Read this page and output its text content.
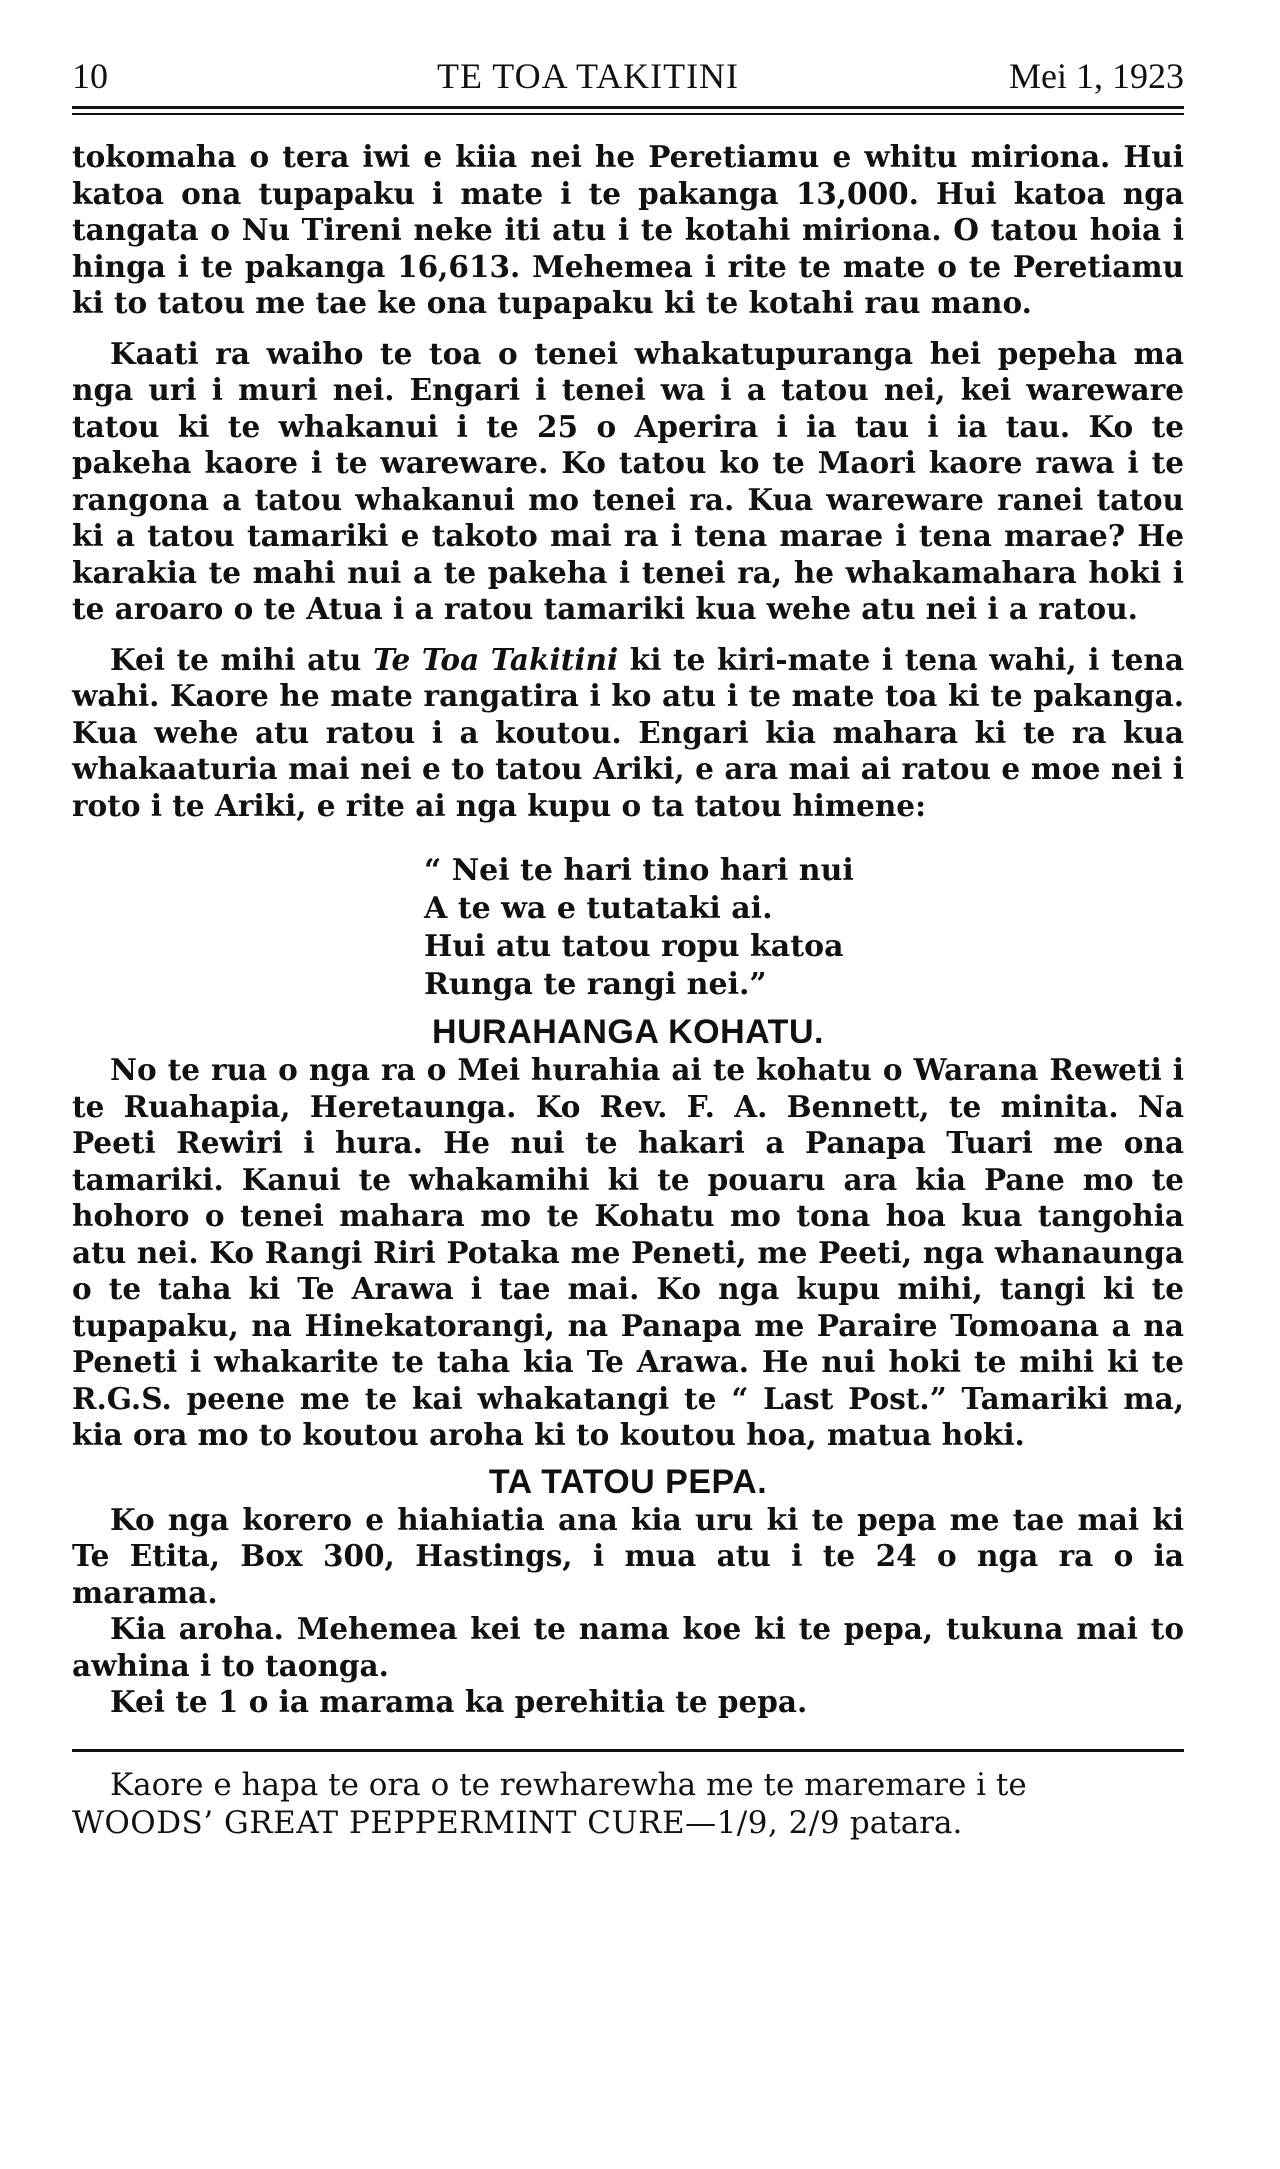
10	TE TOA TAKITINI	Mei 1, 1923

tokomaha o tera iwi e kiia nei he Peretiamu e whitu miriona. Hui katoa ona tupapaku i mate i te pakanga 13,000. Hui katoa nga tangata o Nu Tireni neke iti atu i te kotahi miriona. O tatou hoia i hinga i te pakanga 16,613. Mehemea i rite te mate o te Peretiamu ki to tatou me tae ke ona tupapaku ki te kotahi rau mano.

Kaati ra waiho te toa o tenei whakatupuranga hei pepeha ma nga uri i muri nei. Engari i tenei wa i a tatou nei, kei wareware tatou ki te whakanui i te 25 o Aperira i ia tau i ia tau. Ko te pakeha kaore i te wareware. Ko tatou ko te Maori kaore rawa i te rangona a tatou whakanui mo tenei ra. Kua wareware ranei tatou ki a tatou tamariki e takoto mai ra i tena marae i tena marae? He karakia te mahi nui a te pakeha i tenei ra, he whakamahara hoki i te aroaro o te Atua i a ratou tamariki kua wehe atu nei i a ratou.

Kei te mihi atu Te Toa Takitini ki te kiri-mate i tena wahi, i tena wahi. Kaore he mate rangatira i ko atu i te mate toa ki te pakanga. Kua wehe atu ratou i a koutou. Engari kia mahara ki te ra kua whakaaturia mai nei e to tatou Ariki, e ara mai ai ratou e moe nei i roto i te Ariki, e rite ai nga kupu o ta tatou himene:

“ Nei te hari tino hari nui
A te wa e tutataki ai.
Hui atu tatou ropu katoa
Runga te rangi nei.”
HURAHANGA KOHATU.

No te rua o nga ra o Mei hurahia ai te kohatu o Warana Reweti i te Ruahapia, Heretaunga. Ko Rev. F. A. Bennett, te minita. Na Peeti Rewiri i hura. He nui te hakari a Panapa Tuari me ona tamariki. Kanui te whakamihi ki te pouaru ara kia Pane mo te hohoro o tenei mahara mo te Kohatu mo tona hoa kua tangohia atu nei. Ko Rangi Riri Potaka me Peneti, me Peeti, nga whanaunga o te taha ki Te Arawa i tae mai. Ko nga kupu mihi, tangi ki te tupapaku, na Hinekatorangi, na Panapa me Paraire Tomoana a na Peneti i whakarite te taha kia Te Arawa. He nui hoki te mihi ki te R.G.S. peene me te kai whakatangi te “ Last Post.” Tamariki ma, kia ora mo to koutou aroha ki to koutou hoa, matua hoki.

TA TATOU PEPA.

Ko nga korero e hiahiatia ana kia uru ki te pepa me tae mai ki Te Etita, Box 300, Hastings, i mua atu i te 24 o nga ra o ia marama.

Kia aroha. Mehemea kei te nama koe ki te pepa, tukuna mai to awhina i to taonga.

Kei te 1 o ia marama ka perehitia te pepa.

Kaore e hapa te ora o te rewharewha me te maremare i te

WOODS’ GREAT PEPPERMINT CURE—1/9, 2/9 patara.
